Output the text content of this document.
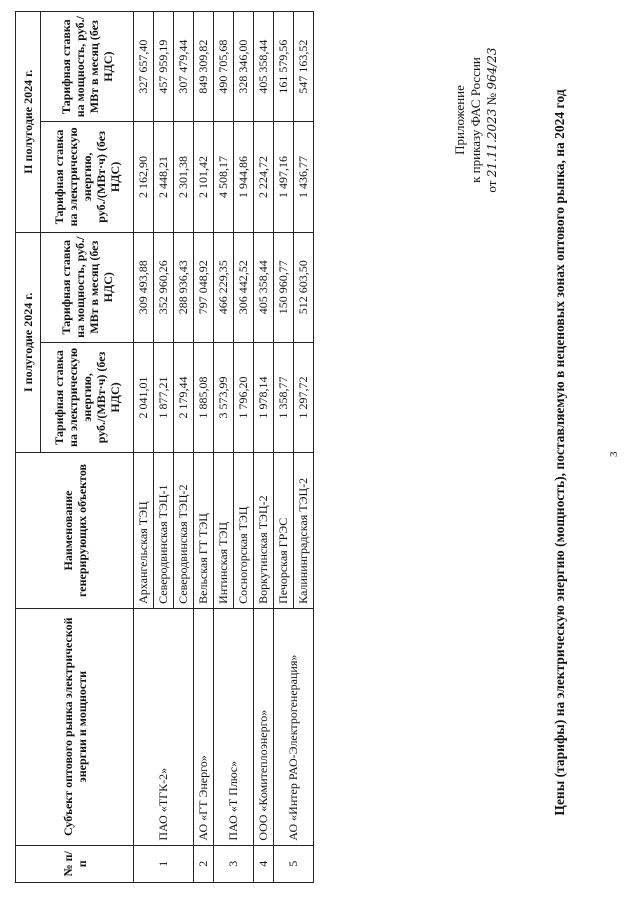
3
Приложение к приказу ФАС России
от 21.11.2023 № 964/23
Цены (тарифы) на электрическую энергию (мощность), поставляемую в неценовых зонах оптового рынка, на 2024 год
№ п/п	Субъект оптового рынка электрической энергии и мощности	Наименование генерирующих объектов	I полугодие 2024 г.		II полугодие 2024 г.	
			Тарифная ставка на электрическую энергию, руб./(МВт·ч) (без НДС)	Тарифная ставка на мощность, руб./МВт в месяц (без НДС)	Тарифная ставка на электрическую энергию, руб./(МВт·ч) (без НДС)	Тарифная ставка на мощность, руб./МВт в месяц (без НДС)
1	ПАО «ТГК-2»	Архангельская ТЭЦ	2 041,01	309 493,88	2 162,90	327 657,40
		Северодвинская ТЭЦ-1	1 877,21	352 960,26	2 448,21	457 959,19
		Северодвинская ТЭЦ-2	2 179,44	288 936,43	2 301,38	307 479,44
2	АО «ГТ Энерго»	Вельская ГТ ТЭЦ	1 885,08	797 048,92	2 101,42	849 309,82
3	ПАО «Т Плюс»	Интинская ТЭЦ	3 573,99	466 229,35	4 508,17	490 705,68
		Сосногорская ТЭЦ	1 796,20	306 442,52	1 944,86	328 346,00
4	ООО «Комитеплоэнерго»	Воркутинская ТЭЦ-2	1 978,14	405 358,44	2 224,72	405 358,44
5	АО «Интер РАО-Электрогенерация»	Печорская ГРЭС	1 358,77	150 960,77	1 497,16	161 579,56
		Калининградская ТЭЦ-2	1 297,72	512 603,50	1 436,77	547 163,52
